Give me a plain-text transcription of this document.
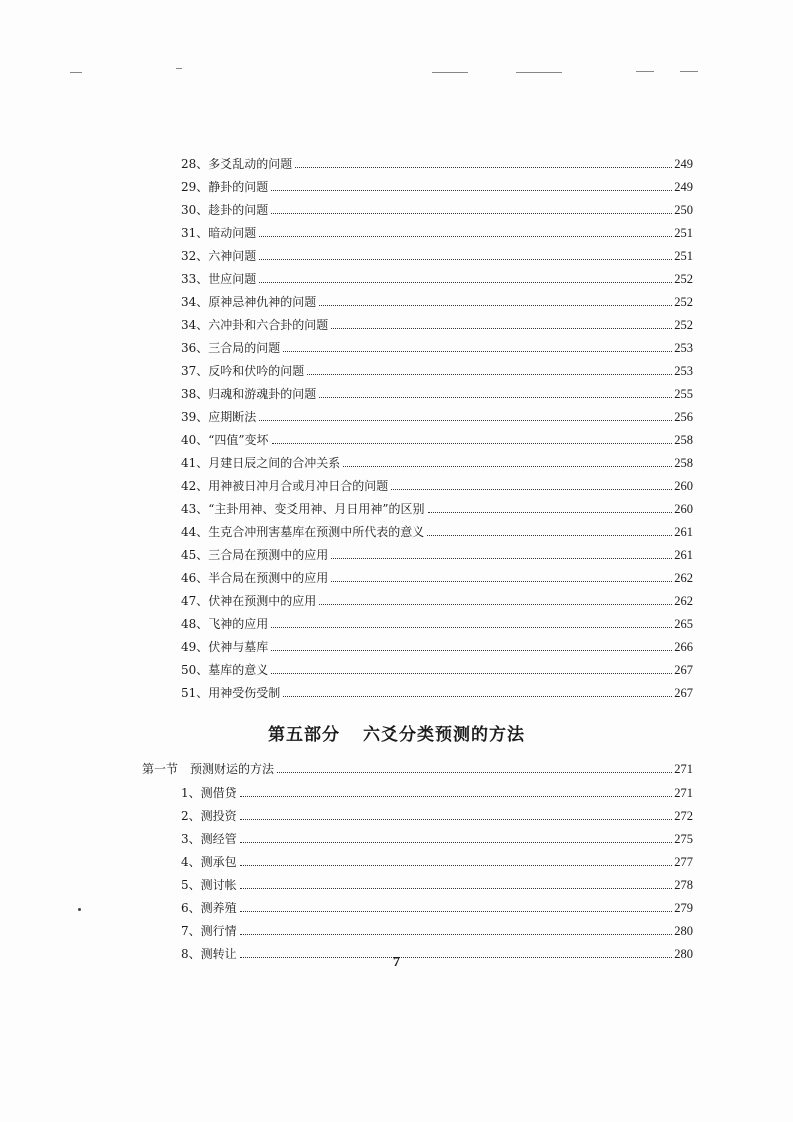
28、多爻乱动的问题	249
29、静卦的问题	249
30、趁卦的问题	250
31、暗动问题	251
32、六神问题	251
33、世应问题	252
34、原神忌神仇神的问题	252
34、六冲卦和六合卦的问题	252
36、三合局的问题	253
37、反吟和伏吟的问题	253
38、归魂和游魂卦的问题	255
39、应期断法	256
40、“四值”变坏	258
41、月建日辰之间的合冲关系	258
42、用神被日冲月合或月冲日合的问题	260
43、“主卦用神、变爻用神、月日用神”的区别	260
44、生克合冲刑害墓库在预测中所代表的意义	261
45、三合局在预测中的应用	261
46、半合局在预测中的应用	262
47、伏神在预测中的应用	262
48、飞神的应用	265
49、伏神与墓库	266
50、墓库的意义	267
51、用神受伤受制	267
第五部分 六爻分类预测的方法
第一节　预测财运的方法	271
1、测借贷	271
2、测投资	272
3、测经管	275
4、测承包	277
5、测讨帐	278
6、测养殖	279
7、测行情	280
8、测转让	280
7
